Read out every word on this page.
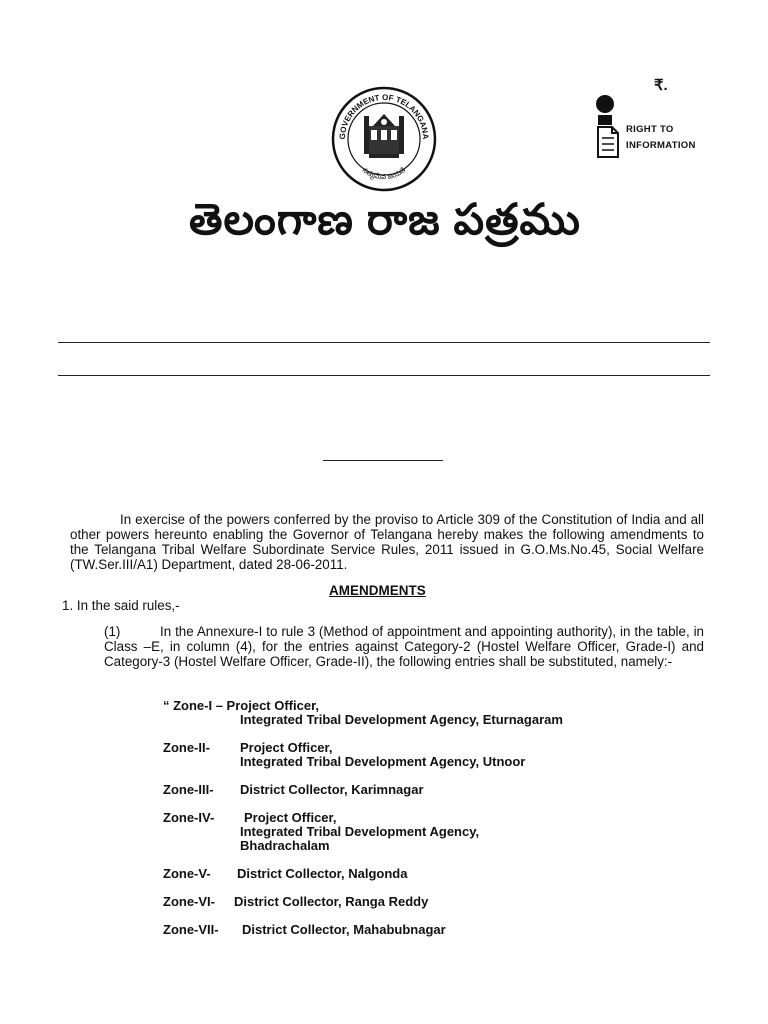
₹.
GOVERNMENT OF TELANGANA
సత్యమేవ జయతే
RIGHT TO
INFORMATION
తెలంగాణ రాజ పత్రము
In exercise of the powers conferred by the proviso to Article 309 of the Constitution of India and all other powers hereunto enabling the Governor of Telangana hereby makes the following amendments to the Telangana Tribal Welfare Subordinate Service Rules, 2011 issued in G.O.Ms.No.45, Social Welfare (TW.Ser.III/A1) Department, dated 28-06-2011.
AMENDMENTS
1. In the said rules,-
(1)	In the Annexure-I to rule 3 (Method of appointment and appointing authority), in the table, in Class –E, in column (4), for the entries against Category-2 (Hostel Welfare Officer, Grade-I) and Category-3 (Hostel Welfare Officer, Grade-II), the following entries shall be substituted, namely:-
“ Zone-I – Project Officer,
Integrated Tribal Development Agency, Eturnagaram
Zone-II- Project Officer,
Integrated Tribal Development Agency, Utnoor
Zone-III- District Collector, Karimnagar
Zone-IV- Project Officer,
Integrated Tribal Development Agency,
Bhadrachalam
Zone-V- District Collector, Nalgonda
Zone-VI- District Collector, Ranga Reddy
Zone-VII- District Collector, Mahabubnagar
